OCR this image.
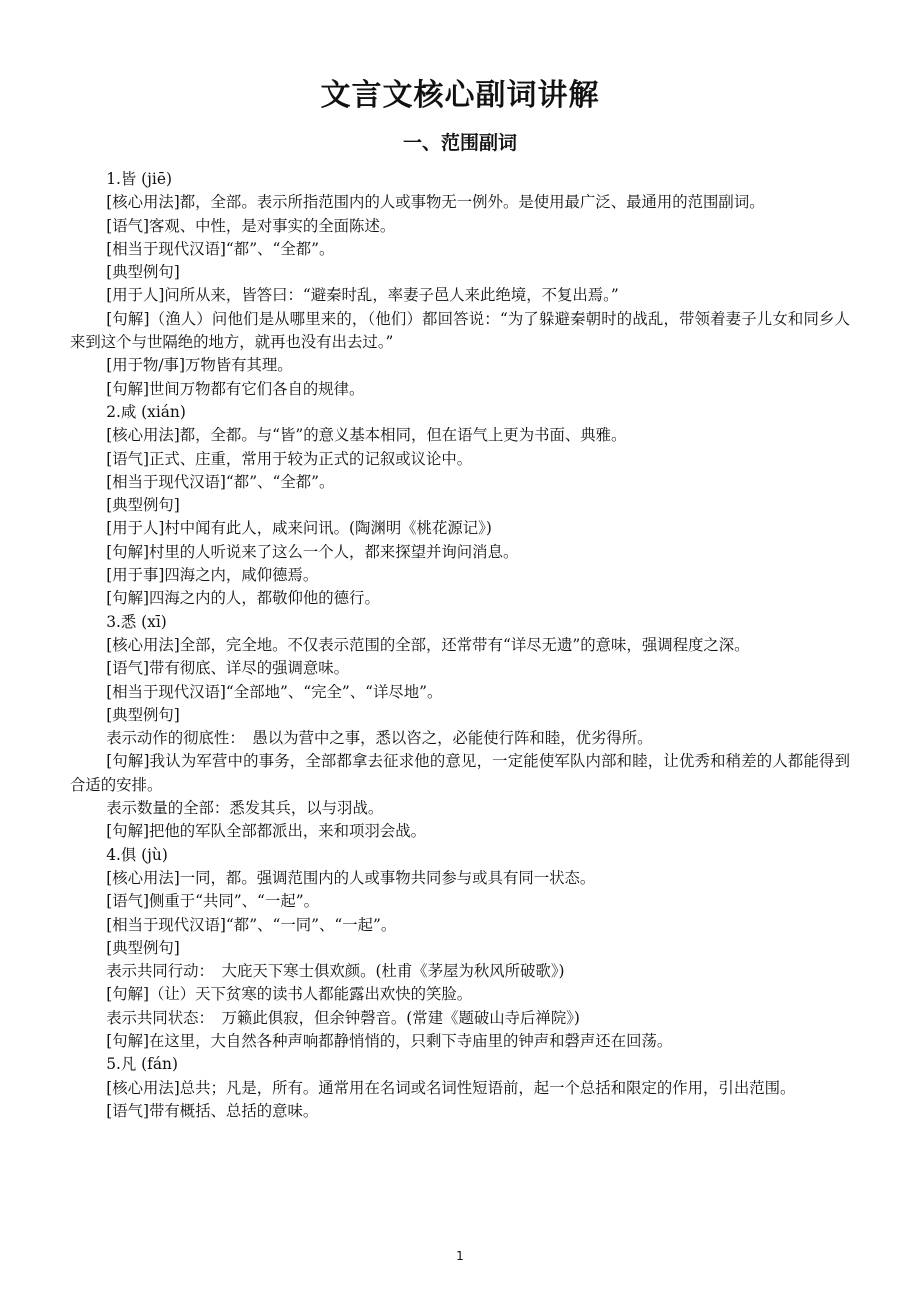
文言文核心副词讲解
一、范围副词

1.皆 (jiē)

[核心用法]都，全部。表示所指范围内的人或事物无一例外。是使用最广泛、最通用的范围副词。

[语气]客观、中性，是对事实的全面陈述。

[相当于现代汉语]“都”、“全都”。

[典型例句]

[用于人]问所从来，皆答曰：“避秦时乱，率妻子邑人来此绝境，不复出焉。”

[句解]（渔人）问他们是从哪里来的，（他们）都回答说：“为了躲避秦朝时的战乱，带领着妻子儿女和同乡人来到这个与世隔绝的地方，就再也没有出去过。”

[用于物/事]万物皆有其理。

[句解]世间万物都有它们各自的规律。

2.咸 (xián)

[核心用法]都，全都。与“皆”的意义基本相同，但在语气上更为书面、典雅。

[语气]正式、庄重，常用于较为正式的记叙或议论中。

[相当于现代汉语]“都”、“全都”。

[典型例句]

[用于人]村中闻有此人，咸来问讯。(陶渊明《桃花源记》)

[句解]村里的人听说来了这么一个人，都来探望并询问消息。

[用于事]四海之内，咸仰德焉。

[句解]四海之内的人，都敬仰他的德行。

3.悉 (xī)

[核心用法]全部，完全地。不仅表示范围的全部，还常带有“详尽无遗”的意味，强调程度之深。

[语气]带有彻底、详尽的强调意味。

[相当于现代汉语]“全部地”、“完全”、“详尽地”。

[典型例句]

表示动作的彻底性：　愚以为营中之事，悉以咨之，必能使行阵和睦，优劣得所。

[句解]我认为军营中的事务，全部都拿去征求他的意见，一定能使军队内部和睦，让优秀和稍差的人都能得到合适的安排。

表示数量的全部：悉发其兵，以与羽战。

[句解]把他的军队全部都派出，来和项羽会战。

4.俱 (jù)

[核心用法]一同，都。强调范围内的人或事物共同参与或具有同一状态。

[语气]侧重于“共同”、“一起”。

[相当于现代汉语]“都”、“一同”、“一起”。

[典型例句]

表示共同行动：　大庇天下寒士俱欢颜。(杜甫《茅屋为秋风所破歌》)

[句解]（让）天下贫寒的读书人都能露出欢快的笑脸。

表示共同状态：　万籁此俱寂，但余钟磬音。(常建《题破山寺后禅院》)

[句解]在这里，大自然各种声响都静悄悄的，只剩下寺庙里的钟声和磬声还在回荡。

5.凡 (fán)

[核心用法]总共；凡是，所有。通常用在名词或名词性短语前，起一个总括和限定的作用，引出范围。

[语气]带有概括、总括的意味。

1
